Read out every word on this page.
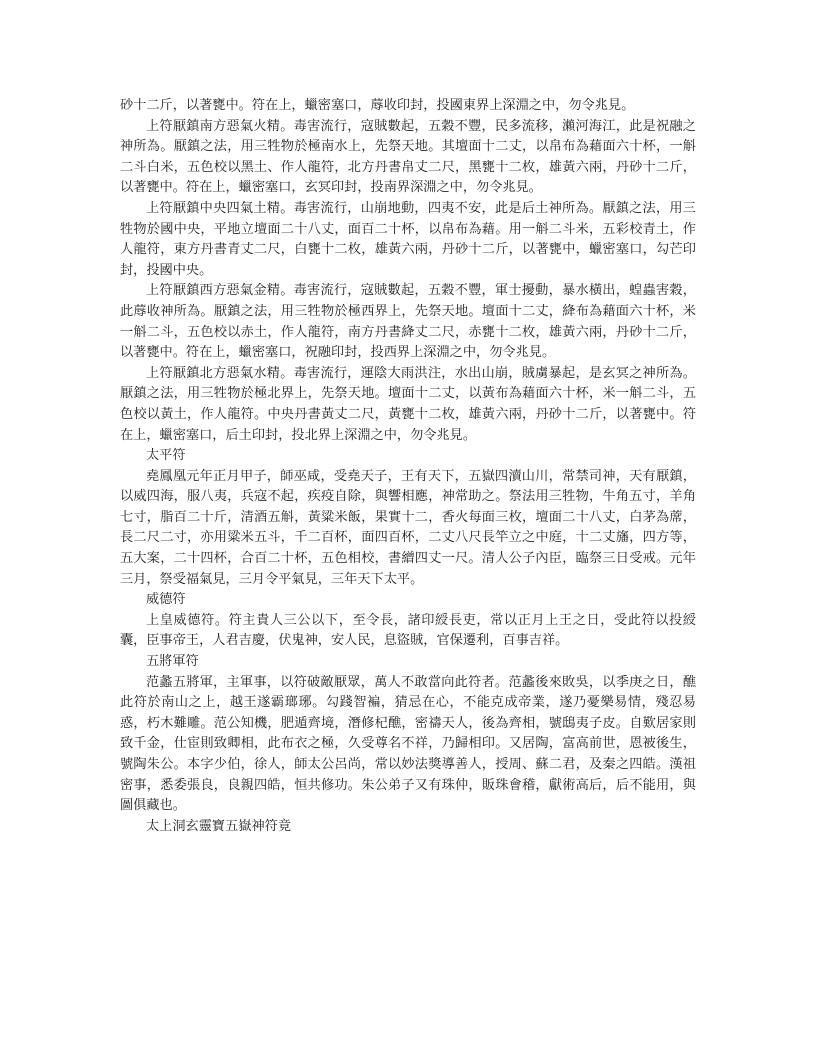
砂十二斤，以著甕中。符在上，蠟密塞口，蓐收印封，投國東界上深淵之中，勿令兆見。

上符厭鎮南方惡氣火精。毒害流行，寇賊數起，五穀不豐，民多流移，瀨河海江，此是祝融之神所為。厭鎮之法，用三牲物於極南水上，先祭天地。其壇面十二丈，以帛布為藉面六十杯，一斛二斗白米，五色校以黑土、作人龍符，北方丹書帛丈二尺，黑甕十二枚，雄黃六兩，丹砂十二斤，以著甕中。符在上，蠟密塞口，玄冥印封，投南界深淵之中，勿令兆見。

上符厭鎮中央四氣土精。毒害流行，山崩地動，四夷不安，此是后土神所為。厭鎮之法，用三牲物於國中央，平地立壇面二十八丈，面百二十杯，以帛布為藉。用一斛二斗米，五彩校青土，作人龍符，東方丹書青丈二尺，白甕十二枚，雄黃六兩，丹砂十二斤，以著甕中，蠟密塞口，勾芒印封，投國中央。

上符厭鎮西方惡氣金精。毒害流行，寇賊數起，五穀不豐，軍士擾動，暴水橫出，蝗蟲害穀，此蓐收神所為。厭鎮之法，用三牲物於極西界上，先祭天地。壇面十二丈，絳布為藉面六十杯，米一斛二斗，五色校以赤土，作人龍符，南方丹書絳丈二尺，赤甕十二枚，雄黃六兩，丹砂十二斤，以著甕中。符在上，蠟密塞口，祝融印封，投西界上深淵之中，勿令兆見。

上符厭鎮北方惡氣水精。毒害流行，運陰大雨洪注，水出山崩，賊虜暴起，是玄冥之神所為。厭鎮之法，用三牲物於極北界上，先祭天地。壇面十二丈，以黃布為藉面六十杯，米一斛二斗，五色校以黃土，作人龍符。中央丹書黃丈二尺，黃甕十二枚，雄黃六兩，丹砂十二斤，以著甕中。符在上，蠟密塞口，后土印封，投北界上深淵之中，勿令兆見。

太平符

堯鳳凰元年正月甲子，師巫咸，受堯天子，王有天下，五嶽四瀆山川，常禁司神，天有厭鎮，以威四海，服八夷，兵寇不起，疾疫自除，與響相應，神常助之。祭法用三牲物，牛角五寸，羊角七寸，脂百二十斤，清酒五斛，黃粱米飯，果實十二，香火每面三枚，壇面二十八丈，白茅為蓆，長二尺二寸，亦用粱米五斗，千二百杯，面四百杯，二丈八尺長竿立之中庭，十二丈旛，四方等，五大案，二十四杯，合百二十杯，五色相校，書繒四丈一尺。清人公子內臣，臨祭三日受戒。元年三月，祭受福氣見，三月令平氣見，三年天下太平。

威德符

上皇威德符。符主貴人三公以下，至令長，諸印綬長吏，常以正月上王之日，受此符以投綬囊，臣事帝王，人君吉慶，伏鬼神，安人民，息盜賊，官保遷利，百事吉祥。

五將軍符

范蠡五將軍，主軍事，以符破敵厭眾，萬人不敢當向此符者。范蠡後來敗吳，以季庚之日，醮此符於南山之上，越王遂霸瑯琊。勾踐智褊，猜忌在心，不能克成帝業，遂乃憂樂易情，殘忍易惑，朽木難雕。范公知機，肥遁齊境，潛修杞醮，密禱天人，後為齊相，號鴟夷子皮。自歎居家則致千金，仕宦則致卿相，此布衣之極，久受尊名不祥，乃歸相印。又居陶，富高前世，恩被後生，號陶朱公。本字少伯，徐人，師太公呂尚，常以妙法獎導善人，授周、蘇二君，及秦之四皓。漢祖密事，悉委張良，良親四皓，恒共修功。朱公弟子又有珠仲，販珠會稽，獻術高后，后不能用，與圖俱藏也。

太上洞玄靈寶五嶽神符竟
